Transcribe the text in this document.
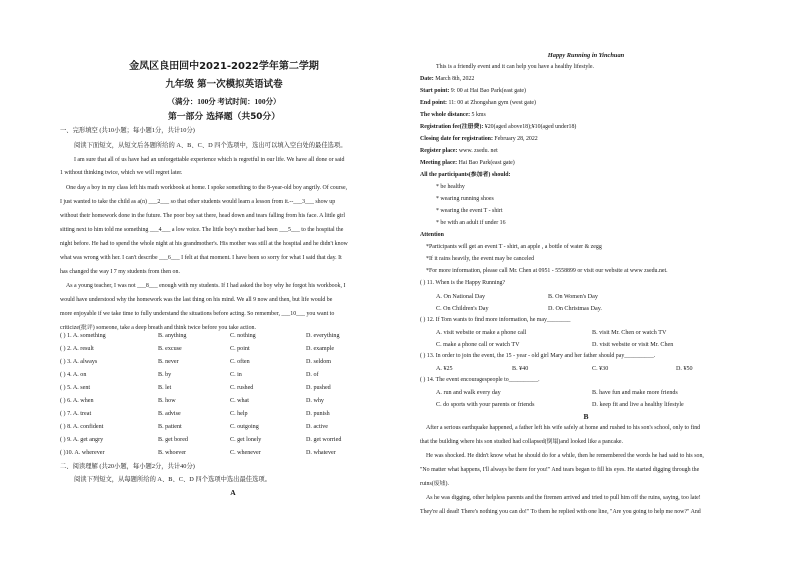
金凤区良田回中2021-2022学年第二学期
九年级 第一次模拟英语试卷
（满分：100分 考试时间：100分）
第一部分 选择题（共50分）
一、完形填空 (共10小题；每小题1分，共计10分)
阅读下面短文，从短文后各题所给的 A、B、C、D 四个选项中，选出可以填入空白处的最佳选项。
I am sure that all of us have had an unforgettable experience which is regretful in our life. We have all done or said
1 without thinking twice, which we will regret later.
One day a boy in my class left his math workbook at home. I spoke something to the 8-year-old boy angrily. Of course,
I just wanted to take the child as a(n) ___2___ so that other students would learn a lesson from it.--___3___ show up
without their homework done in the future. The poor boy sat there, head down and tears falling from his face. A little girl
sitting next to him told me something ___4___ a low voice. The little boy's mother had been ___5___ to the hospital the
night before. He had to spend the whole night at his grandmother's. His mother was still at the hospital and he didn't know
what was wrong with her. I can't describe ___6___ I felt at that moment. I have been so sorry for what I said that day. It
has changed the way I 7 my students from then on.
As a young teacher, I was not ___8___ enough with my students. If I had asked the boy why he forgot his workbook, I
would have understood why the homework was the last thing on his mind. We all 9 now and then, but life would be
more enjoyable if we take time to fully understand the situations before acting. So remember, ___10___ you want to
criticize(批评) someone, take a deep breath and think twice before you take action.
( ) 1. A. something	B. anything	C. nothing	D. everything
( ) 2. A. result	B. excuse	C. point	D. example
( ) 3. A. always	B. never	C. often	D. seldom
( ) 4. A. on	B. by	C. in	D. of
( ) 5. A. sent	B. let	C. rushed	D. pushed
( ) 6. A. when	B. how	C. what	D. why
( ) 7. A. treat	B. advise	C. help	D. punish
( ) 8. A. confident	B. patient	C. outgoing	D. active
( ) 9. A. get angry	B. get bored	C. get lonely	D. get worried
( )10. A. wherever	B. whoever	C. whenever	D. whatever
二、阅读理解 (共20小题，每小题2分，共计40分)
阅读下列短文，从每题所给的 A、B、C、D 四个选项中选出最佳选项。
A
Happy Running in Yinchuan
This is a friendly event and it can help you have a healthy lifestyle.
Date: March 8th, 2022
Start point: 9: 00 at Hai Bao Park(east gate)
End point: 11: 00 at Zhongshan gym (west gate)
The whole distance: 5 kms
Registration fee(注册费): ¥20(aged above18);¥10(aged under18)
Closing date for registration: February 28, 2022
Register place: www. zsedu. net
Meeting place: Hai Bao Park(east gate)
All the participants(参加者) should:
* be healthy
* wearing running shoes
* wearing the event T - shirt
* be with an adult if under 16
Attention
*Participants will get an event T - shirt, an apple , a bottle of water & zegg
*If it rains heavily, the event may be canceled
*For more information, please call Mr. Chen at 0951 - 5558899 or visit our website at www zsedu.net.
( ) 11. When is the Happy Running?
A. On National Day	B. On Women's Day
C. On Children's Day	D. On Christmas Day.
( ) 12. If Tom wants to find more information, he may________
A. visit website or make a phone call	B. visit Mr. Chen or watch TV
C. make a phone call or watch TV	D. visit website or visit Mr. Chen
( ) 13. In order to join the event, the 15 - year - old girl Mary and her father should pay__________.
A. ¥25	B. ¥40	C. ¥30	D. ¥50
( ) 14. The event encouragespeople to__________.
A. run and walk every day	B. have fun and make more friends
C. do sports with your parents or friends	D. keep fit and live a healthy lifestyle
B
After a serious earthquake happened, a father left his wife safely at home and rushed to his son's school, only to find
that the building where his son studied had collapsed(倒塌)and looked like a pancake.
He was shocked. He didn't know what he should do for a while, then he remembered the words he had said to his son,
"No matter what happens, I'll always be there for you!" And tears began to fill his eyes. He started digging through the
ruins(废墟).
As he was digging, other helpless parents and the firemen arrived and tried to pull him off the ruins, saying, too late!
They're all dead! There's nothing you can do!" To them he replied with one line, "Are you going to help me now?" And
